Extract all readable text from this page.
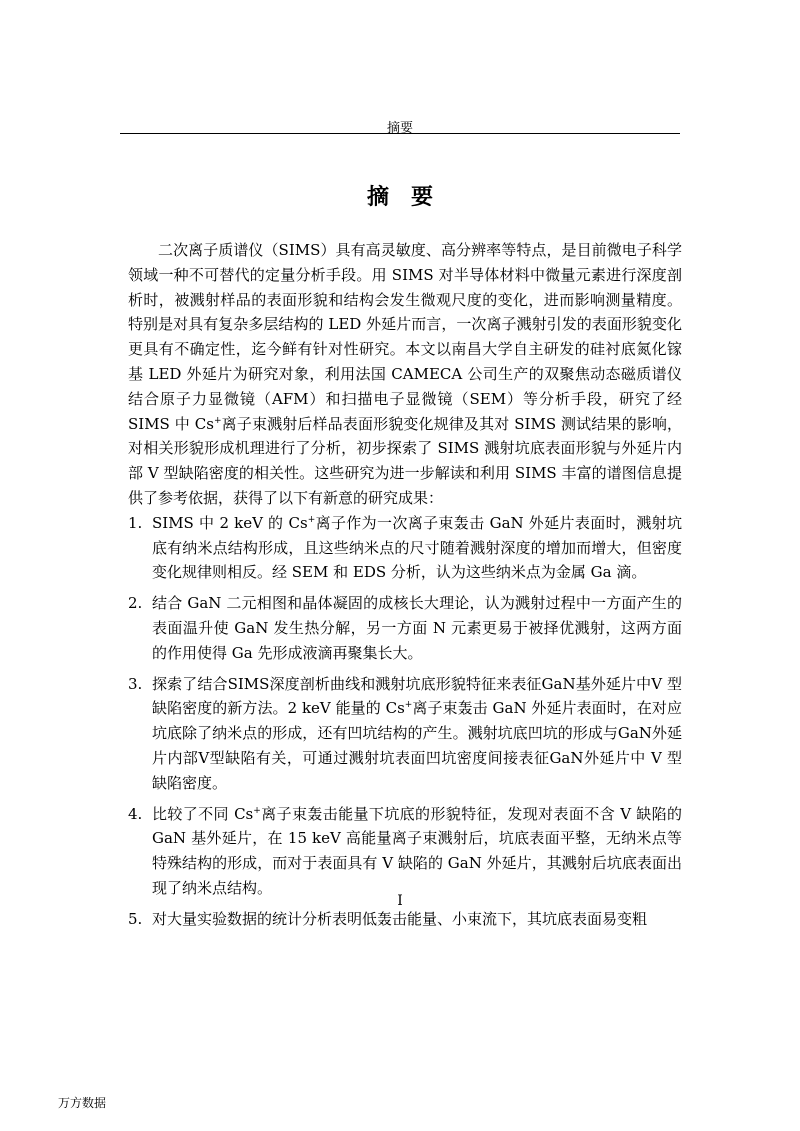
摘要
摘要

二次离子质谱仪（SIMS）具有高灵敏度、高分辨率等特点，是目前微电子科学领域一种不可替代的定量分析手段。用 SIMS 对半导体材料中微量元素进行深度剖析时，被溅射样品的表面形貌和结构会发生微观尺度的变化，进而影响测量精度。特别是对具有复杂多层结构的 LED 外延片而言，一次离子溅射引发的表面形貌变化更具有不确定性，迄今鲜有针对性研究。本文以南昌大学自主研发的硅衬底氮化镓基 LED 外延片为研究对象，利用法国 CAMECA 公司生产的双聚焦动态磁质谱仪结合原子力显微镜（AFM）和扫描电子显微镜（SEM）等分析手段，研究了经 SIMS 中 Cs+离子束溅射后样品表面形貌变化规律及其对 SIMS 测试结果的影响，对相关形貌形成机理进行了分析，初步探索了 SIMS 溅射坑底表面形貌与外延片内部 V 型缺陷密度的相关性。这些研究为进一步解读和利用 SIMS 丰富的谱图信息提供了参考依据，获得了以下有新意的研究成果：

1. SIMS 中 2 keV 的 Cs+离子作为一次离子束轰击 GaN 外延片表面时，溅射坑底有纳米点结构形成，且这些纳米点的尺寸随着溅射深度的增加而增大，但密度变化规律则相反。经 SEM 和 EDS 分析，认为这些纳米点为金属 Ga 滴。
2. 结合 GaN 二元相图和晶体凝固的成核长大理论，认为溅射过程中一方面产生的表面温升使 GaN 发生热分解，另一方面 N 元素更易于被择优溅射，这两方面的作用使得 Ga 先形成液滴再聚集长大。
3. 探索了结合SIMS深度剖析曲线和溅射坑底形貌特征来表征GaN基外延片中V 型缺陷密度的新方法。2 keV 能量的 Cs+离子束轰击 GaN 外延片表面时，在对应坑底除了纳米点的形成，还有凹坑结构的产生。溅射坑底凹坑的形成与GaN外延片内部V型缺陷有关，可通过溅射坑表面凹坑密度间接表征GaN外延片中 V 型缺陷密度。
4. 比较了不同 Cs+离子束轰击能量下坑底的形貌特征，发现对表面不含 V 缺陷的 GaN 基外延片，在 15 keV 高能量离子束溅射后，坑底表面平整，无纳米点等特殊结构的形成，而对于表面具有 V 缺陷的 GaN 外延片，其溅射后坑底表面出现了纳米点结构。
5. 对大量实验数据的统计分析表明低轰击能量、小束流下，其坑底表面易变粗
I
万方数据
